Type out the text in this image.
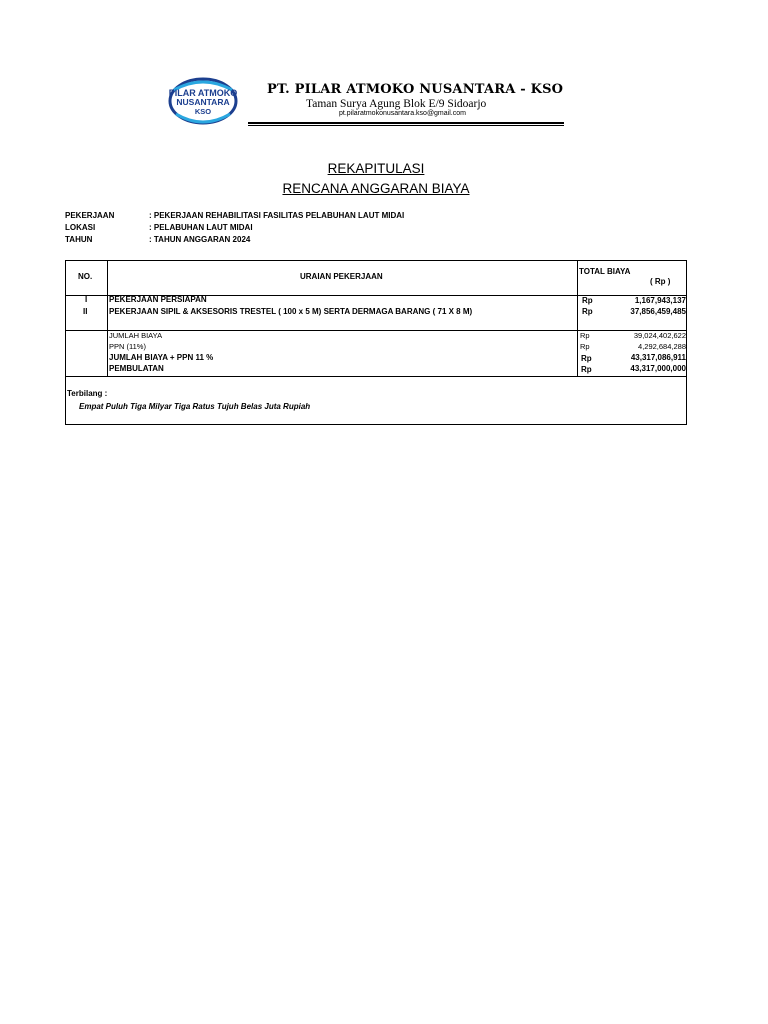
PILAR ATMOKO
NUSANTARA
KSO
PT. PILAR ATMOKO NUSANTARA - KSO
Taman Surya Agung Blok E/9 Sidoarjo
pt.pilaratmokonusantara.kso@gmail.com
REKAPITULASI
RENCANA ANGGARAN BIAYA
PEKERJAAN	: PEKERJAAN REHABILITASI FASILITAS PELABUHAN LAUT MIDAI
LOKASI	: PELABUHAN LAUT MIDAI
TAHUN	: TAHUN ANGGARAN 2024
NO.	URAIAN PEKERJAAN
TOTAL BIAYA
( Rp )
I	PEKERJAAN PERSIAPAN	Rp	1,167,943,137
II	PEKERJAAN SIPIL & AKSESORIS TRESTEL ( 100 x 5 M) SERTA DERMAGA BARANG ( 71 X 8 M)	Rp	37,856,459,485
JUMLAH BIAYA	Rp	39,024,402,622
PPN (11%)	Rp	4,292,684,288
JUMLAH BIAYA + PPN 11 %	Rp	43,317,086,911
PEMBULATAN	Rp	43,317,000,000
Terbilang :
Empat Puluh Tiga Milyar Tiga Ratus Tujuh Belas Juta Rupiah
